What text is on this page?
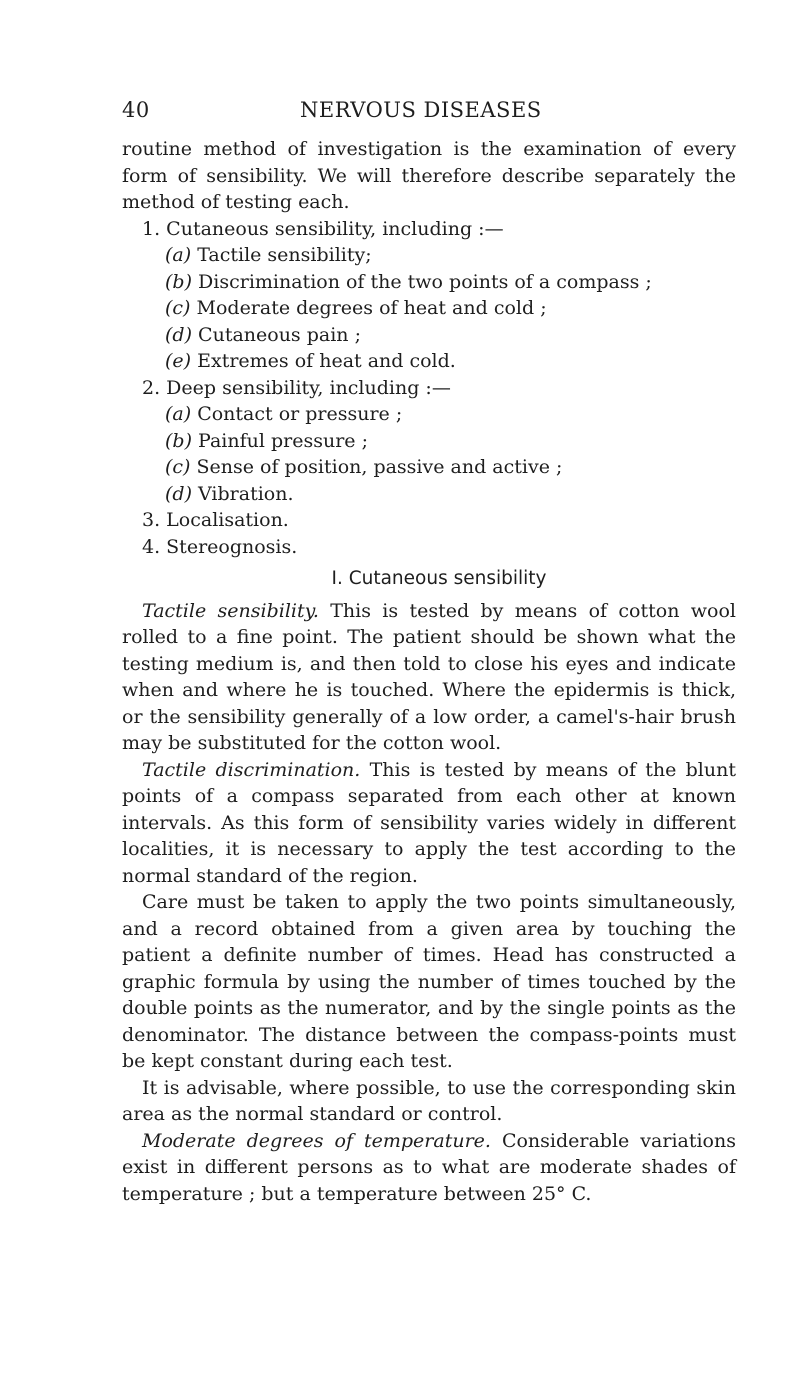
40	NERVOUS DISEASES

routine method of investigation is the examination of every form of sensibility. We will therefore describe separately the method of testing each.

1. Cutaneous sensibility, including :—
(a) Tactile sensibility;
(b) Discrimination of the two points of a compass ;
(c) Moderate degrees of heat and cold ;
(d) Cutaneous pain ;
(e) Extremes of heat and cold.
2. Deep sensibility, including :—
(a) Contact or pressure ;
(b) Painful pressure ;
(c) Sense of position, passive and active ;
(d) Vibration.
3. Localisation.
4. Stereognosis.
I. Cutaneous sensibility

Tactile sensibility. This is tested by means of cotton wool rolled to a fine point. The patient should be shown what the testing medium is, and then told to close his eyes and indicate when and where he is touched. Where the epidermis is thick, or the sensibility generally of a low order, a camel's-hair brush may be substituted for the cotton wool.

Tactile discrimination. This is tested by means of the blunt points of a compass separated from each other at known intervals. As this form of sensibility varies widely in different localities, it is necessary to apply the test according to the normal standard of the region.

Care must be taken to apply the two points simultaneously, and a record obtained from a given area by touching the patient a definite number of times. Head has constructed a graphic formula by using the number of times touched by the double points as the numerator, and by the single points as the denominator. The distance between the compass-points must be kept constant during each test.

It is advisable, where possible, to use the corresponding skin area as the normal standard or control.

Moderate degrees of temperature. Considerable variations exist in different persons as to what are moderate shades of temperature ; but a temperature between 25° C.
